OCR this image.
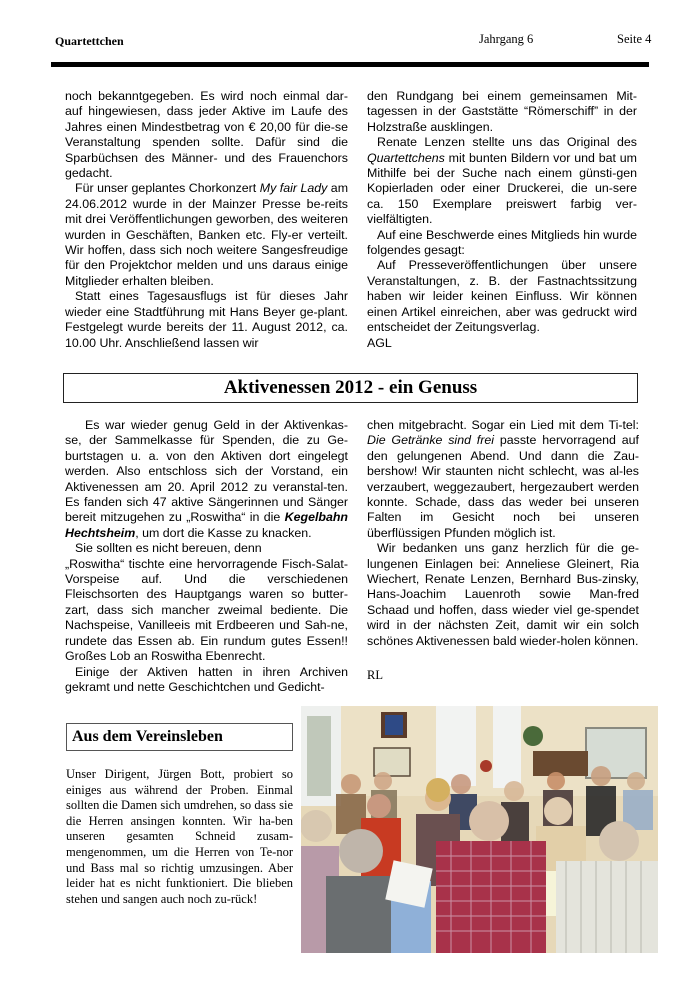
Quartettchen	Jahrgang 6	Seite 4

noch bekanntgegeben. Es wird noch einmal dar-auf hingewiesen, dass jeder Aktive im Laufe des Jahres einen Mindestbetrag von € 20,00 für die-se Veranstaltung spenden sollte. Dafür sind die Sparbüchsen des Männer- und des Frauenchors gedacht.

Für unser geplantes Chorkonzert My fair Lady am 24.06.2012 wurde in der Mainzer Presse be-reits mit drei Veröffentlichungen geworben, des weiteren wurden in Geschäften, Banken etc. Fly-er verteilt. Wir hoffen, dass sich noch weitere Sangesfreudige für den Projektchor melden und uns daraus einige Mitglieder erhalten bleiben.

Statt eines Tagesausflugs ist für dieses Jahr wieder eine Stadtführung mit Hans Beyer ge-plant. Festgelegt wurde bereits der 11. August 2012, ca. 10.00 Uhr. Anschließend lassen wir

den Rundgang bei einem gemeinsamen Mit-tagessen in der Gaststätte “Römerschiff” in der Holzstraße ausklingen.

Renate Lenzen stellte uns das Original des Quartettchens mit bunten Bildern vor und bat um Mithilfe bei der Suche nach einem günsti-gen Kopierladen oder einer Druckerei, die un-sere ca. 150 Exemplare preiswert farbig ver-vielfältigten.

Auf eine Beschwerde eines Mitglieds hin wurde folgendes gesagt:

Auf Presseveröffentlichungen über unsere Veranstaltungen, z. B. der Fastnachtssitzung haben wir leider keinen Einfluss. Wir können einen Artikel einreichen, aber was gedruckt wird entscheidet der Zeitungsverlag.

AGL

Aktivenessen 2012 - ein Genuss

Es war wieder genug Geld in der Aktivenkas-se, der Sammelkasse für Spenden, die zu Ge-burtstagen u. a. von den Aktiven dort eingelegt werden. Also entschloss sich der Vorstand, ein Aktivenessen am 20. April 2012 zu veranstal-ten. Es fanden sich 47 aktive Sängerinnen und Sänger bereit mitzugehen zu „Roswitha“ in die Kegelbahn Hechtsheim, um dort die Kasse zu knacken.

Sie sollten es nicht bereuen, denn

„Roswitha“ tischte eine hervorragende Fisch-Salat-Vorspeise auf. Und die verschiedenen Fleischsorten des Hauptgangs waren so butter-zart, dass sich mancher zweimal bediente. Die Nachspeise, Vanilleeis mit Erdbeeren und Sah-ne, rundete das Essen ab. Ein rundum gutes Essen!! Großes Lob an Roswitha Ebenrecht.

Einige der Aktiven hatten in ihren Archiven gekramt und nette Geschichtchen und Gedicht-

chen mitgebracht. Sogar ein Lied mit dem Ti-tel: Die Getränke sind frei passte hervorragend auf den gelungenen Abend. Und dann die Zau-bershow! Wir staunten nicht schlecht, was al-les verzaubert, weggezaubert, hergezaubert werden konnte. Schade, dass das weder bei unseren Falten im Gesicht noch bei unseren überflüssigen Pfunden möglich ist.

Wir bedanken uns ganz herzlich für die ge-lungenen Einlagen bei: Anneliese Gleinert, Ria Wiechert, Renate Lenzen, Bernhard Bus-zinsky, Hans-Joachim Lauenroth sowie Man-fred Schaad und hoffen, dass wieder viel ge-spendet wird in der nächsten Zeit, damit wir ein solch schönes Aktivenessen bald wieder-holen können.

RL
Aus dem Vereinsleben

Unser Dirigent, Jürgen Bott, probiert so einiges aus während der Proben. Einmal sollten die Damen sich umdrehen, so dass sie die Herren ansingen konnten. Wir ha-ben unseren gesamten Schneid zusam-mengenommen, um die Herren von Te-nor und Bass mal so richtig umzusingen. Aber leider hat es nicht funktioniert. Die blieben stehen und sangen auch noch zu-rück!
